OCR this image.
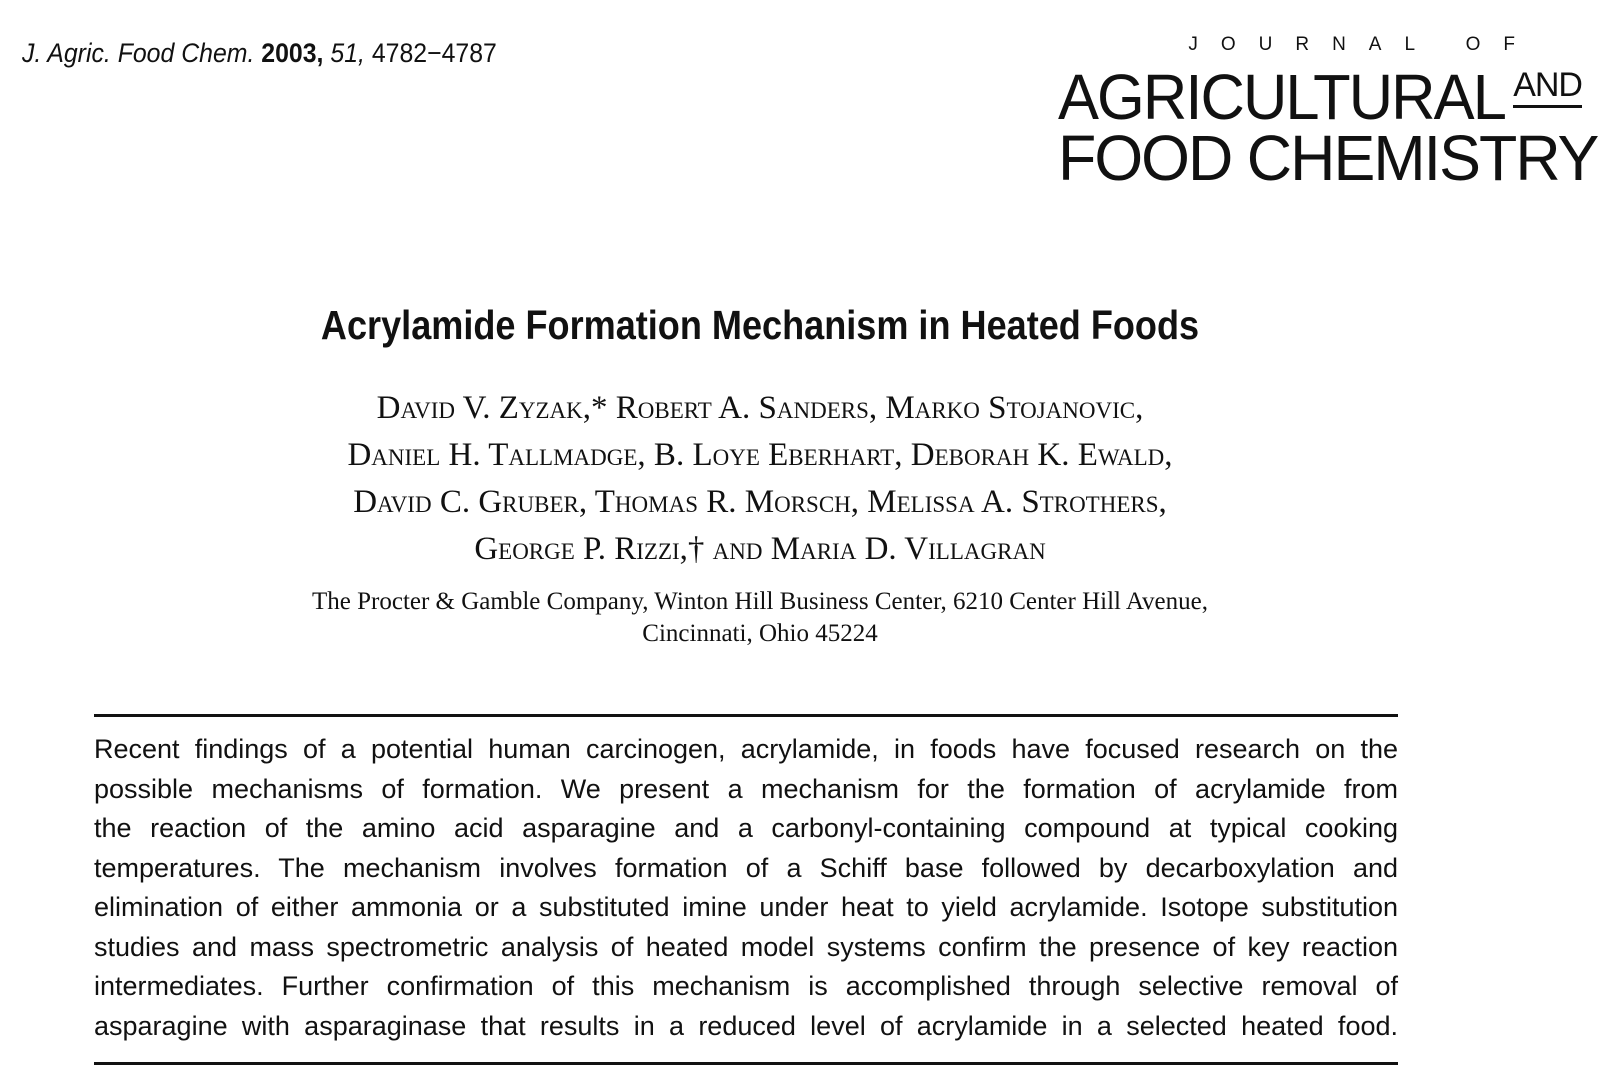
J. Agric. Food Chem. 2003, 51, 4782−4787	JOURNAL OF
AGRICULTURAL AND
FOOD CHEMISTRY
Acrylamide Formation Mechanism in Heated Foods
David V. Zyzak,* Robert A. Sanders, Marko Stojanovic,
Daniel H. Tallmadge, B. Loye Eberhart, Deborah K. Ewald,
David C. Gruber, Thomas R. Morsch, Melissa A. Strothers,
George P. Rizzi,† and Maria D. Villagran
The Procter & Gamble Company, Winton Hill Business Center, 6210 Center Hill Avenue,
Cincinnati, Ohio 45224
Recent findings of a potential human carcinogen, acrylamide, in foods have focused research on the
possible mechanisms of formation. We present a mechanism for the formation of acrylamide from
the reaction of the amino acid asparagine and a carbonyl-containing compound at typical cooking
temperatures. The mechanism involves formation of a Schiff base followed by decarboxylation and
elimination of either ammonia or a substituted imine under heat to yield acrylamide. Isotope substitution
studies and mass spectrometric analysis of heated model systems confirm the presence of key reaction
intermediates. Further confirmation of this mechanism is accomplished through selective removal of
asparagine with asparaginase that results in a reduced level of acrylamide in a selected heated food.
